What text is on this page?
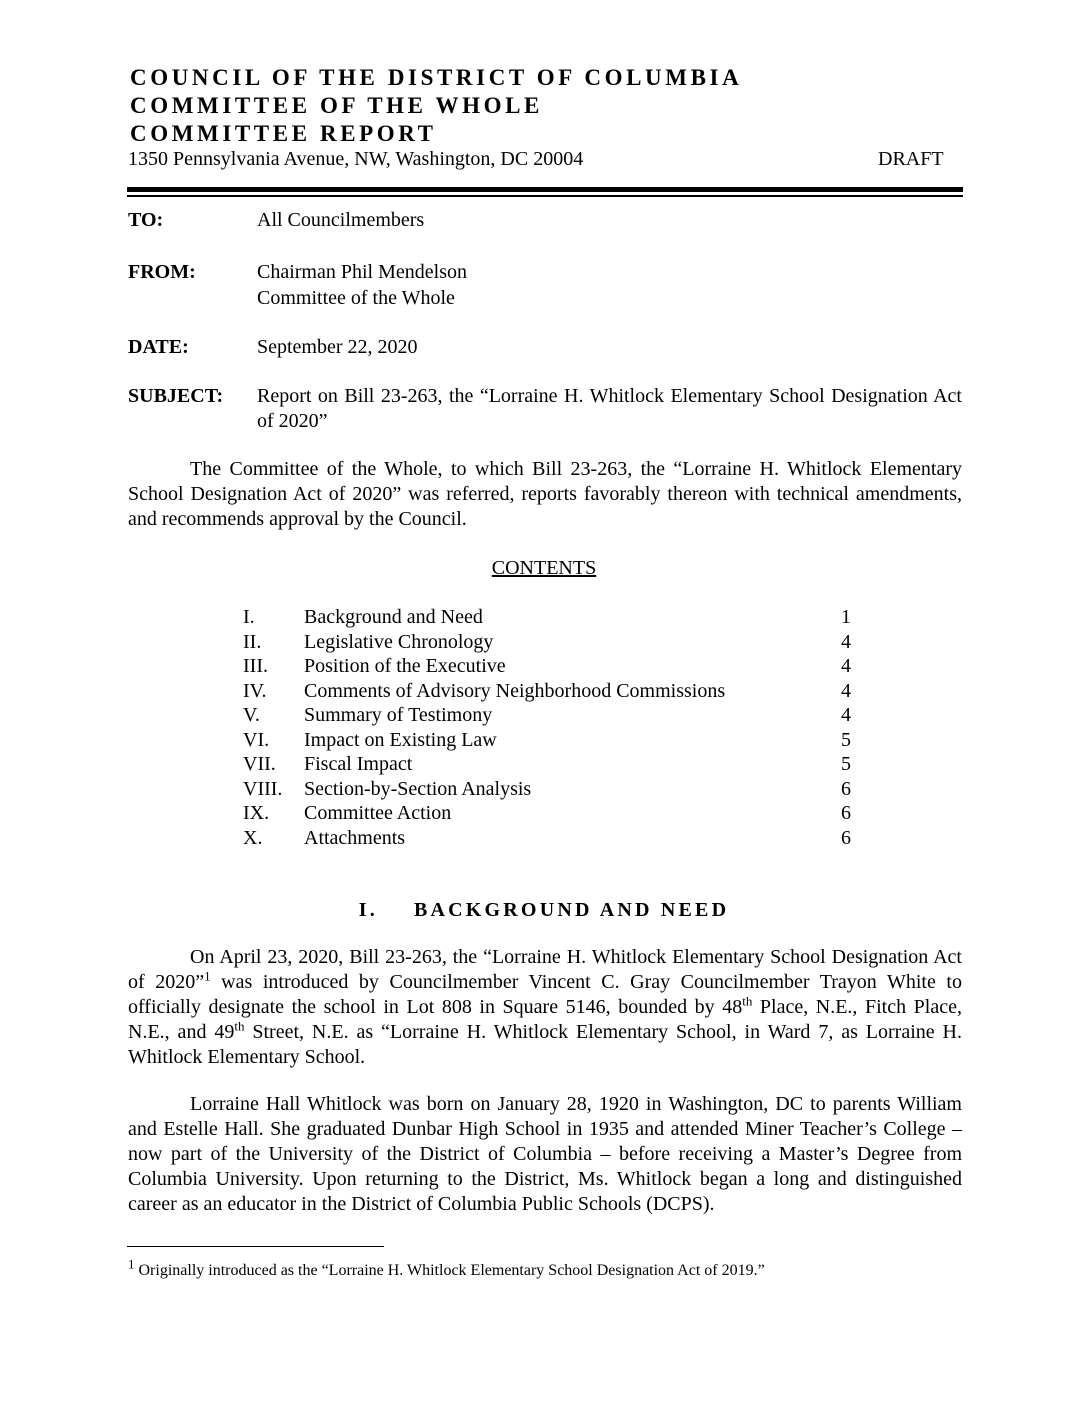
COUNCIL OF THE DISTRICT OF COLUMBIA
COMMITTEE OF THE WHOLE
COMMITTEE REPORT
1350 Pennsylvania Avenue, NW, Washington, DC 20004	DRAFT
TO:	All Councilmembers
FROM:	Chairman Phil Mendelson
Committee of the Whole
DATE:	September 22, 2020
SUBJECT: Report on Bill 23-263, the “Lorraine H. Whitlock Elementary School Designation Act of 2020”
The Committee of the Whole, to which Bill 23-263, the “Lorraine H. Whitlock Elementary School Designation Act of 2020” was referred, reports favorably thereon with technical amendments, and recommends approval by the Council.
CONTENTS
I. Background and Need	1
II. Legislative Chronology	4
III. Position of the Executive	4
IV. Comments of Advisory Neighborhood Commissions	4
V. Summary of Testimony	4
VI. Impact on Existing Law	5
VII. Fiscal Impact	5
VIII. Section-by-Section Analysis	6
IX. Committee Action	6
X. Attachments	6
I. BACKGROUND AND NEED
On April 23, 2020, Bill 23-263, the “Lorraine H. Whitlock Elementary School Designation Act of 2020”$^1$ was introduced by Councilmember Vincent C. Gray Councilmember Trayon White to officially designate the school in Lot 808 in Square 5146, bounded by 48th Place, N.E., Fitch Place, N.E., and 49th Street, N.E. as “Lorraine H. Whitlock Elementary School, in Ward 7, as Lorraine H. Whitlock Elementary School.
Lorraine Hall Whitlock was born on January 28, 1920 in Washington, DC to parents William and Estelle Hall. She graduated Dunbar High School in 1935 and attended Miner Teacher’s College – now part of the University of the District of Columbia – before receiving a Master’s Degree from Columbia University. Upon returning to the District, Ms. Whitlock began a long and distinguished career as an educator in the District of Columbia Public Schools (DCPS).
$^1$ Originally introduced as the “Lorraine H. Whitlock Elementary School Designation Act of 2019.”
